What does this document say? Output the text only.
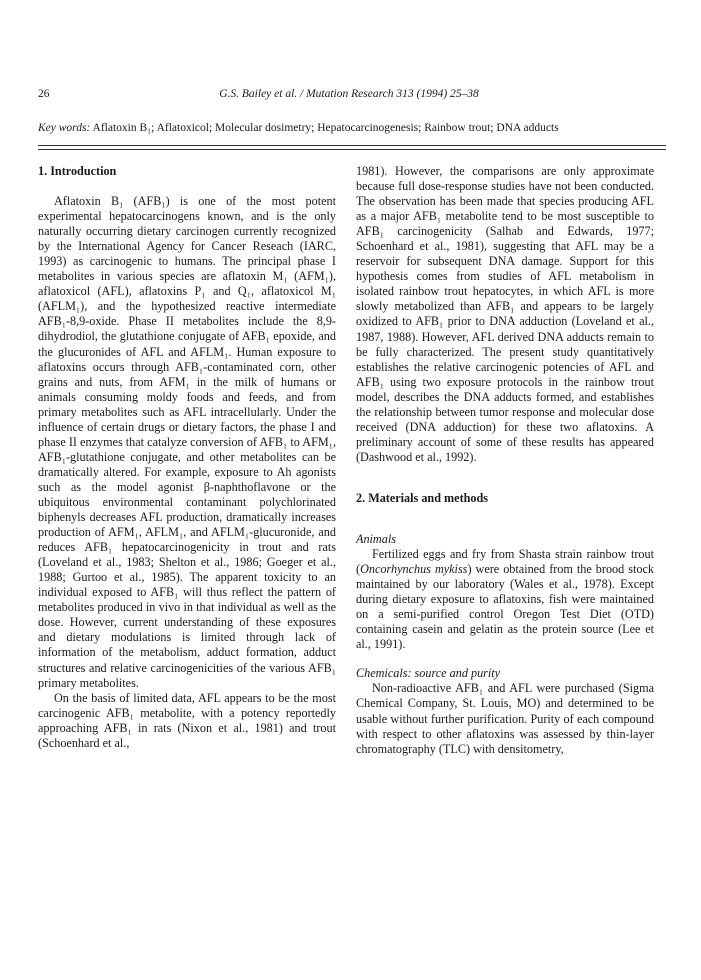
26	G.S. Bailey et al. / Mutation Research 313 (1994) 25–38
Key words: Aflatoxin B₁; Aflatoxicol; Molecular dosimetry; Hepatocarcinogenesis; Rainbow trout; DNA adducts
1. Introduction

Aflatoxin B₁ (AFB₁) is one of the most potent experimental hepatocarcinogens known, and is the only naturally occurring dietary carcinogen currently recognized by the International Agency for Cancer Reseach (IARC, 1993) as carcinogenic to humans. The principal phase I metabolites in various species are aflatoxin M₁ (AFM₁), aflatoxicol (AFL), aflatoxins P₁ and Q₁, aflatoxicol M₁ (AFLM₁), and the hypothesized reactive intermediate AFB₁-8,9-oxide. Phase II metabolites include the 8,9-dihydrodiol, the glutathione conjugate of AFB₁ epoxide, and the glucuronides of AFL and AFLM₁. Human exposure to aflatoxins occurs through AFB₁-contaminated corn, other grains and nuts, from AFM₁ in the milk of humans or animals consuming moldy foods and feeds, and from primary metabolites such as AFL intracellularly. Under the influence of certain drugs or dietary factors, the phase I and phase II enzymes that catalyze conversion of AFB₁ to AFM₁, AFB₁-glutathione conjugate, and other metabolites can be dramatically altered. For example, exposure to Ah agonists such as the model agonist β-naphthoflavone or the ubiquitous environmental contaminant polychlorinated biphenyls decreases AFL production, dramatically increases production of AFM₁, AFLM₁, and AFLM₁-glucuronide, and reduces AFB₁ hepatocarcinogenicity in trout and rats (Loveland et al., 1983; Shelton et al., 1986; Goeger et al., 1988; Gurtoo et al., 1985). The apparent toxicity to an individual exposed to AFB₁ will thus reflect the pattern of metabolites produced in vivo in that individual as well as the dose. However, current understanding of these exposures and dietary modulations is limited through lack of information of the metabolism, adduct formation, adduct structures and relative carcinogenicities of the various AFB₁ primary metabolites.

On the basis of limited data, AFL appears to be the most carcinogenic AFB₁ metabolite, with a potency reportedly approaching AFB₁ in rats (Nixon et al., 1981) and trout (Schoenhard et al.,

1981). However, the comparisons are only approximate because full dose-response studies have not been conducted. The observation has been made that species producing AFL as a major AFB₁ metabolite tend to be most susceptible to AFB₁ carcinogenicity (Salhab and Edwards, 1977; Schoenhard et al., 1981), suggesting that AFL may be a reservoir for subsequent DNA damage. Support for this hypothesis comes from studies of AFL metabolism in isolated rainbow trout hepatocytes, in which AFL is more slowly metabolized than AFB₁ and appears to be largely oxidized to AFB₁ prior to DNA adduction (Loveland et al., 1987, 1988). However, AFL derived DNA adducts remain to be fully characterized. The present study quantitatively establishes the relative carcinogenic potencies of AFL and AFB₁ using two exposure protocols in the rainbow trout model, describes the DNA adducts formed, and establishes the relationship between tumor response and molecular dose received (DNA adduction) for these two aflatoxins. A preliminary account of some of these results has appeared (Dashwood et al., 1992).

2. Materials and methods
Animals

Fertilized eggs and fry from Shasta strain rainbow trout (Oncorhynchus mykiss) were obtained from the brood stock maintained by our laboratory (Wales et al., 1978). Except during dietary exposure to aflatoxins, fish were maintained on a semi-purified control Oregon Test Diet (OTD) containing casein and gelatin as the protein source (Lee et al., 1991).

Chemicals: source and purity

Non-radioactive AFB₁ and AFL were purchased (Sigma Chemical Company, St. Louis, MO) and determined to be usable without further purification. Purity of each compound with respect to other aflatoxins was assessed by thin-layer chromatography (TLC) with densitometry,
